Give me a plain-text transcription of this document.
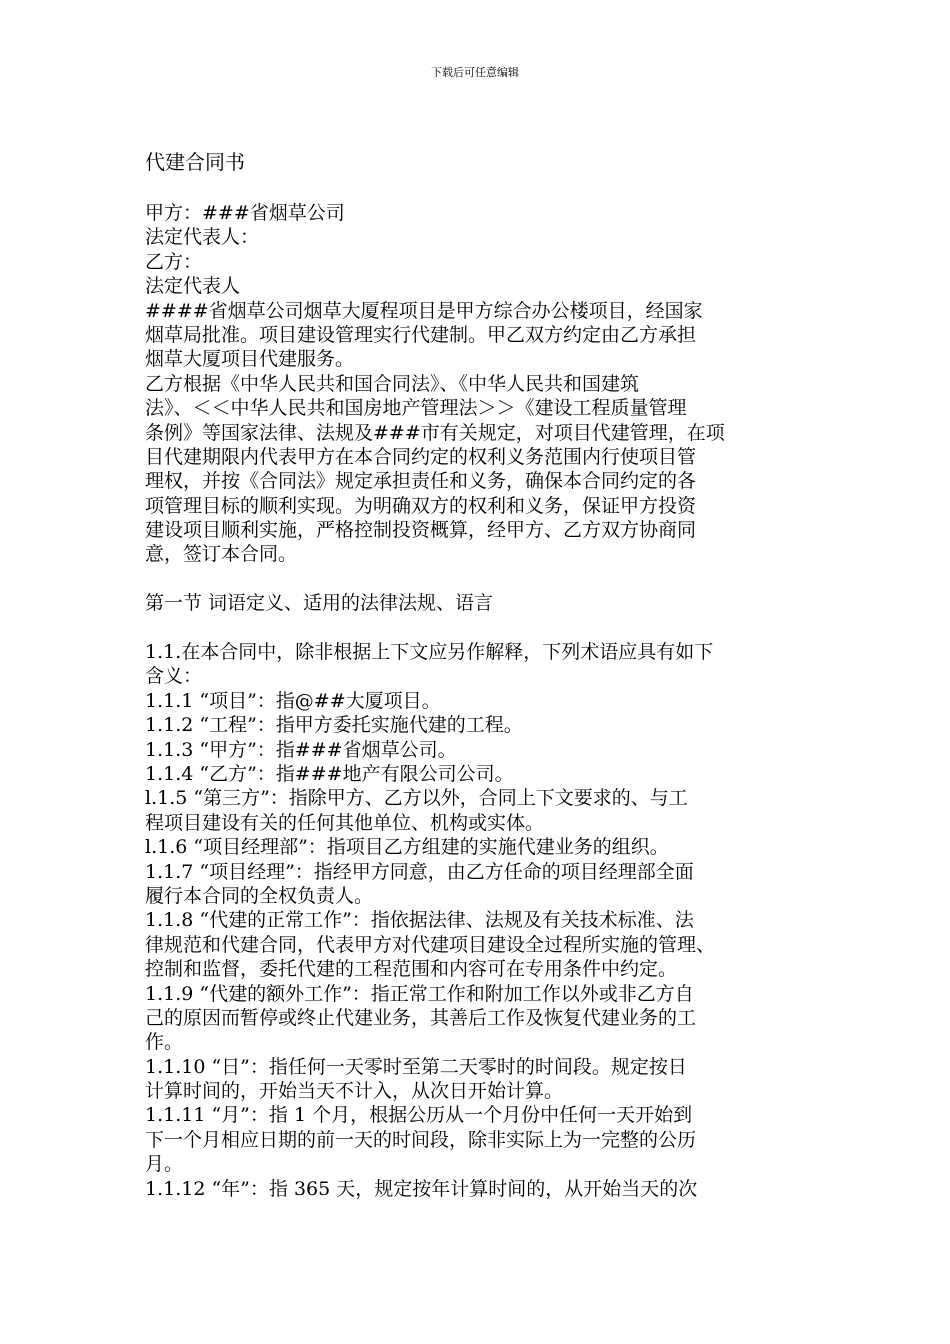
下载后可任意编辑
代建合同书
甲方：###省烟草公司
法定代表人：
乙方：
法定代表人
####省烟草公司烟草大厦程项目是甲方综合办公楼项目，经国家
烟草局批准。项目建设管理实行代建制。甲乙双方约定由乙方承担
烟草大厦项目代建服务。
乙方根据《中华人民共和国合同法》、《中华人民共和国建筑
法》、＜＜中华人民共和国房地产管理法＞＞《建设工程质量管理
条例》等国家法律、法规及###市有关规定，对项目代建管理，在项
目代建期限内代表甲方在本合同约定的权利义务范围内行使项目管
理权，并按《合同法》规定承担责任和义务，确保本合同约定的各
项管理目标的顺利实现。为明确双方的权利和义务，保证甲方投资
建设项目顺利实施，严格控制投资概算，经甲方、乙方双方协商同
意，签订本合同。
第一节 词语定义、适用的法律法规、语言
1.1.在本合同中，除非根据上下文应另作解释，下列术语应具有如下
含义：
1.1.1 “项目”：指@##大厦项目。
1.1.2 “工程”：指甲方委托实施代建的工程。
1.1.3 “甲方”：指###省烟草公司。
1.1.4 “乙方”：指###地产有限公司公司。
l.1.5 “第三方”：指除甲方、乙方以外，合同上下文要求的、与工
程项目建设有关的任何其他单位、机构或实体。
l.1.6 “项目经理部”：指项目乙方组建的实施代建业务的组织。
1.1.7 “项目经理”：指经甲方同意，由乙方任命的项目经理部全面
履行本合同的全权负责人。
1.1.8 “代建的正常工作”：指依据法律、法规及有关技术标准、法
律规范和代建合同，代表甲方对代建项目建设全过程所实施的管理、
控制和监督，委托代建的工程范围和内容可在专用条件中约定。
1.1.9 “代建的额外工作”：指正常工作和附加工作以外或非乙方自
己的原因而暂停或终止代建业务，其善后工作及恢复代建业务的工
作。
1.1.10 “日”：指任何一天零时至第二天零时的时间段。规定按日
计算时间的，开始当天不计入，从次日开始计算。
1.1.11 “月”：指 1 个月，根据公历从一个月份中任何一天开始到
下一个月相应日期的前一天的时间段，除非实际上为一完整的公历
月。
1.1.12 “年”：指 365 天，规定按年计算时间的，从开始当天的次
